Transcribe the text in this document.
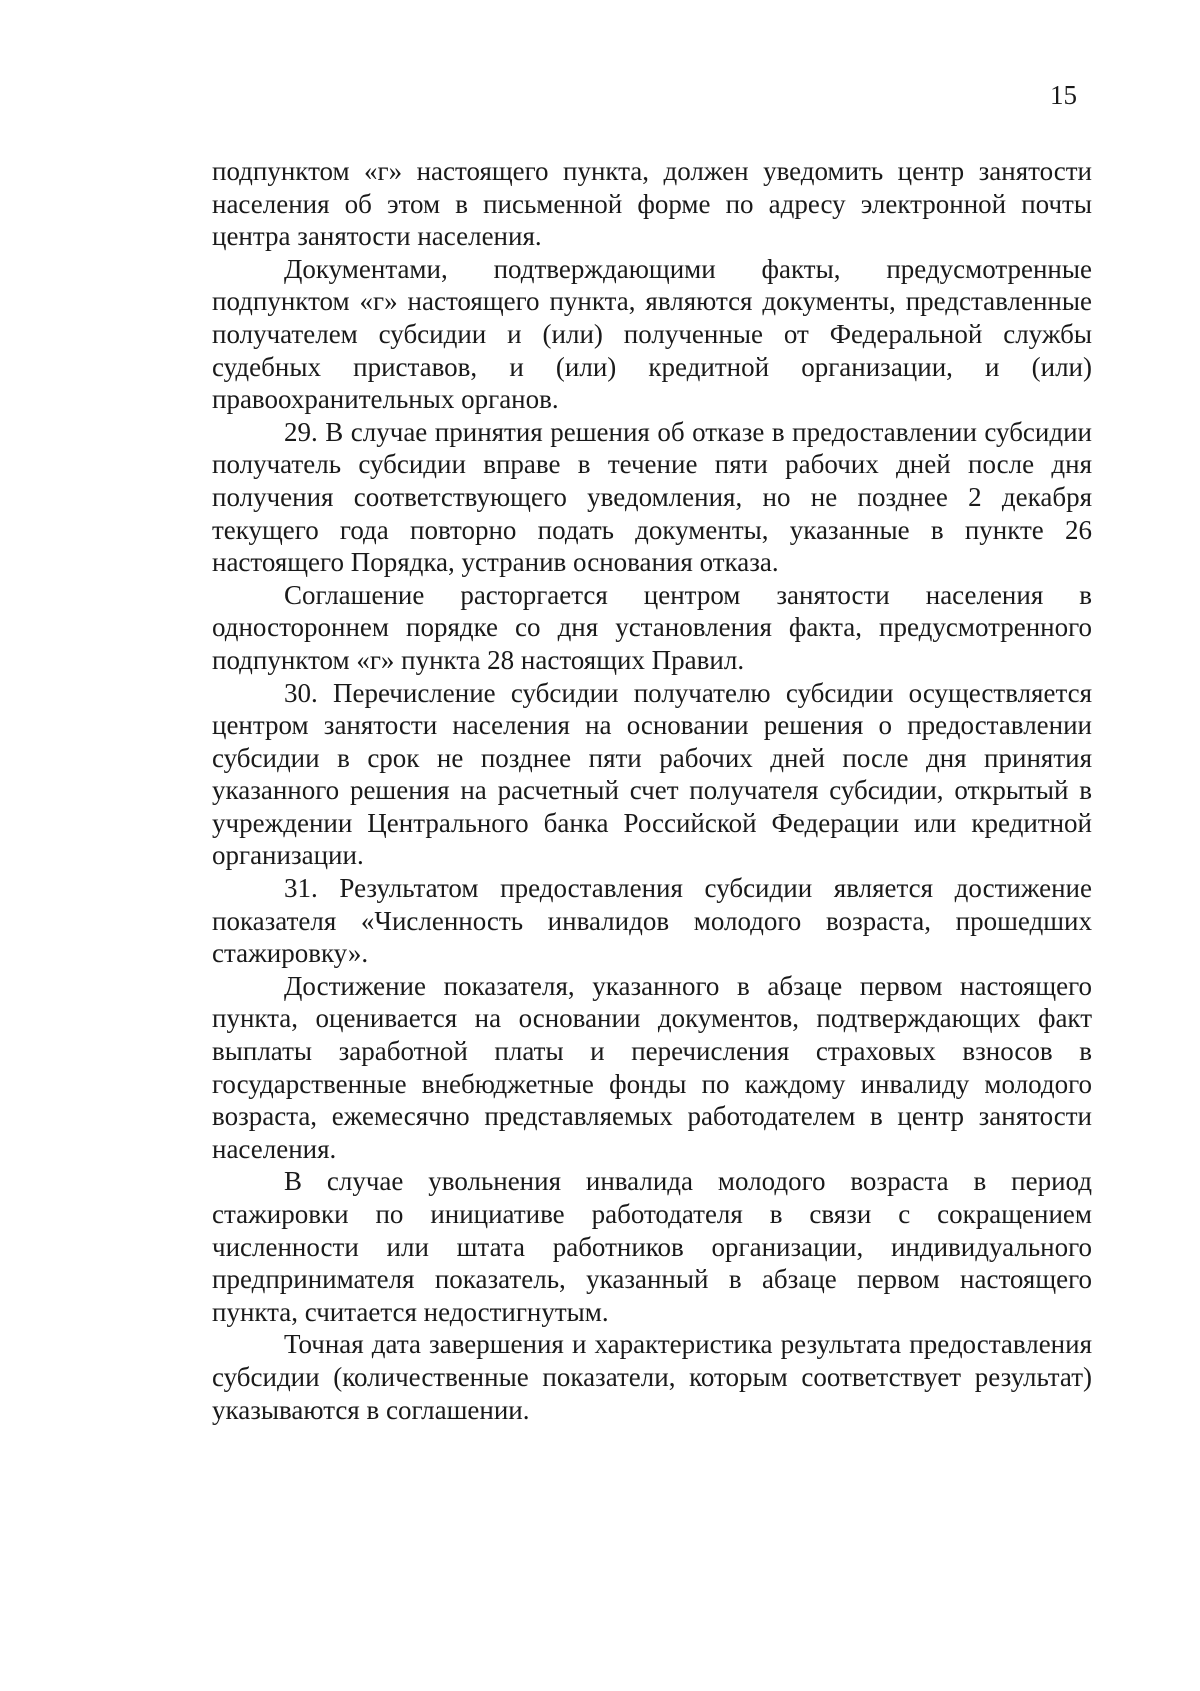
15

подпунктом «г» настоящего пункта, должен уведомить центр занятости населения об этом в письменной форме по адресу электронной почты центра занятости населения.

Документами, подтверждающими факты, предусмотренные подпунктом «г» настоящего пункта, являются документы, представленные получателем субсидии и (или) полученные от Федеральной службы судебных приставов, и (или) кредитной организации, и (или) правоохранительных органов.

29. В случае принятия решения об отказе в предоставлении субсидии получатель субсидии вправе в течение пяти рабочих дней после дня получения соответствующего уведомления, но не позднее 2 декабря текущего года повторно подать документы, указанные в пункте 26 настоящего Порядка, устранив основания отказа.

Соглашение расторгается центром занятости населения в одностороннем порядке со дня установления факта, предусмотренного подпунктом «г» пункта 28 настоящих Правил.

30. Перечисление субсидии получателю субсидии осуществляется центром занятости населения на основании решения о предоставлении субсидии в срок не позднее пяти рабочих дней после дня принятия указанного решения на расчетный счет получателя субсидии, открытый в учреждении Центрального банка Российской Федерации или кредитной организации.

31. Результатом предоставления субсидии является достижение показателя «Численность инвалидов молодого возраста, прошедших стажировку».

Достижение показателя, указанного в абзаце первом настоящего пункта, оценивается на основании документов, подтверждающих факт выплаты заработной платы и перечисления страховых взносов в государственные внебюджетные фонды по каждому инвалиду молодого возраста, ежемесячно представляемых работодателем в центр занятости населения.

В случае увольнения инвалида молодого возраста в период стажировки по инициативе работодателя в связи с сокращением численности или штата работников организации, индивидуального предпринимателя показатель, указанный в абзаце первом настоящего пункта, считается недостигнутым.

Точная дата завершения и характеристика результата предоставления субсидии (количественные показатели, которым соответствует результат) указываются в соглашении.
